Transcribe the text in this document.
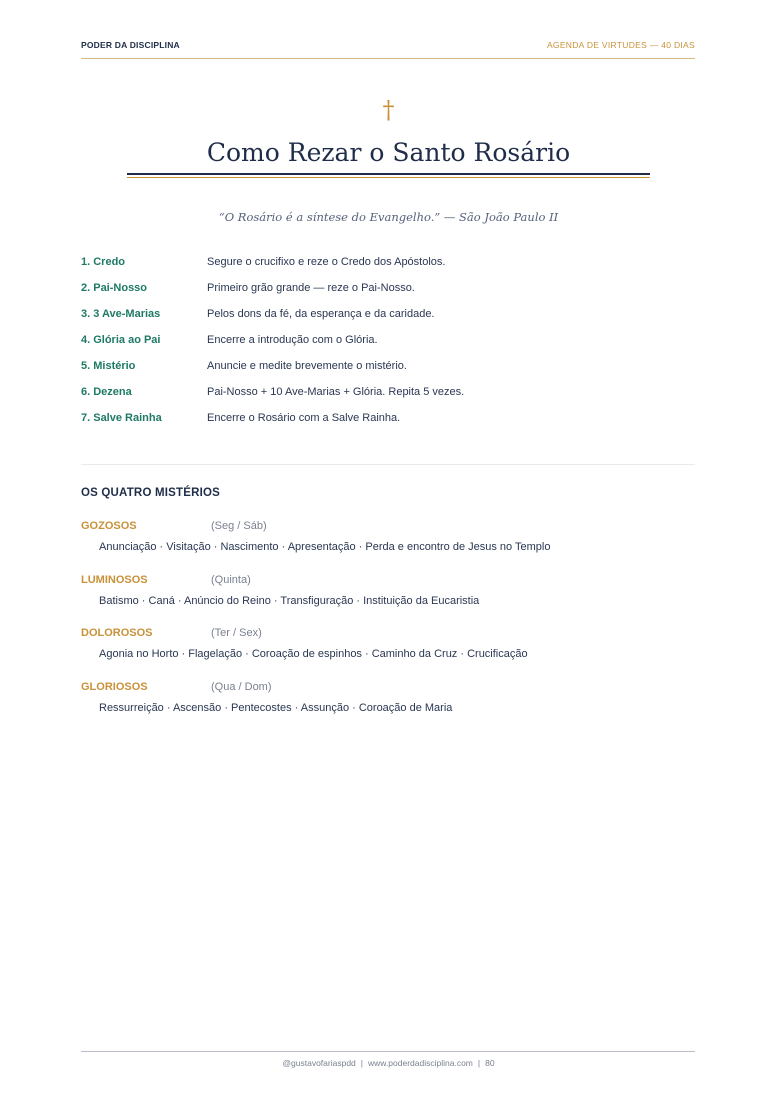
PODER DA DISCIPLINA	AGENDA DE VIRTUDES — 40 DIAS
†
Como Rezar o Santo Rosário
“O Rosário é a síntese do Evangelho.” — São João Paulo II
1. Credo	Segure o crucifixo e reze o Credo dos Apóstolos.
2. Pai-Nosso	Primeiro grão grande — reze o Pai-Nosso.
3. 3 Ave-Marias	Pelos dons da fé, da esperança e da caridade.
4. Glória ao Pai	Encerre a introdução com o Glória.
5. Mistério	Anuncie e medite brevemente o mistério.
6. Dezena	Pai-Nosso + 10 Ave-Marias + Glória. Repita 5 vezes.
7. Salve Rainha	Encerre o Rosário com a Salve Rainha.
OS QUATRO MISTÉRIOS
GOZOSOS	(Seg / Sáb)
Anunciação · Visitação · Nascimento · Apresentação · Perda e encontro de Jesus no Templo
LUMINOSOS	(Quinta)
Batismo · Caná · Anúncio do Reino · Transfiguração · Instituição da Eucaristia
DOLOROSOS	(Ter / Sex)
Agonia no Horto · Flagelação · Coroação de espinhos · Caminho da Cruz · Crucificação
GLORIOSOS	(Qua / Dom)
Ressurreição · Ascensão · Pentecostes · Assunção · Coroação de Maria
@gustavofariaspdd | www.poderdadisciplina.com | 80
